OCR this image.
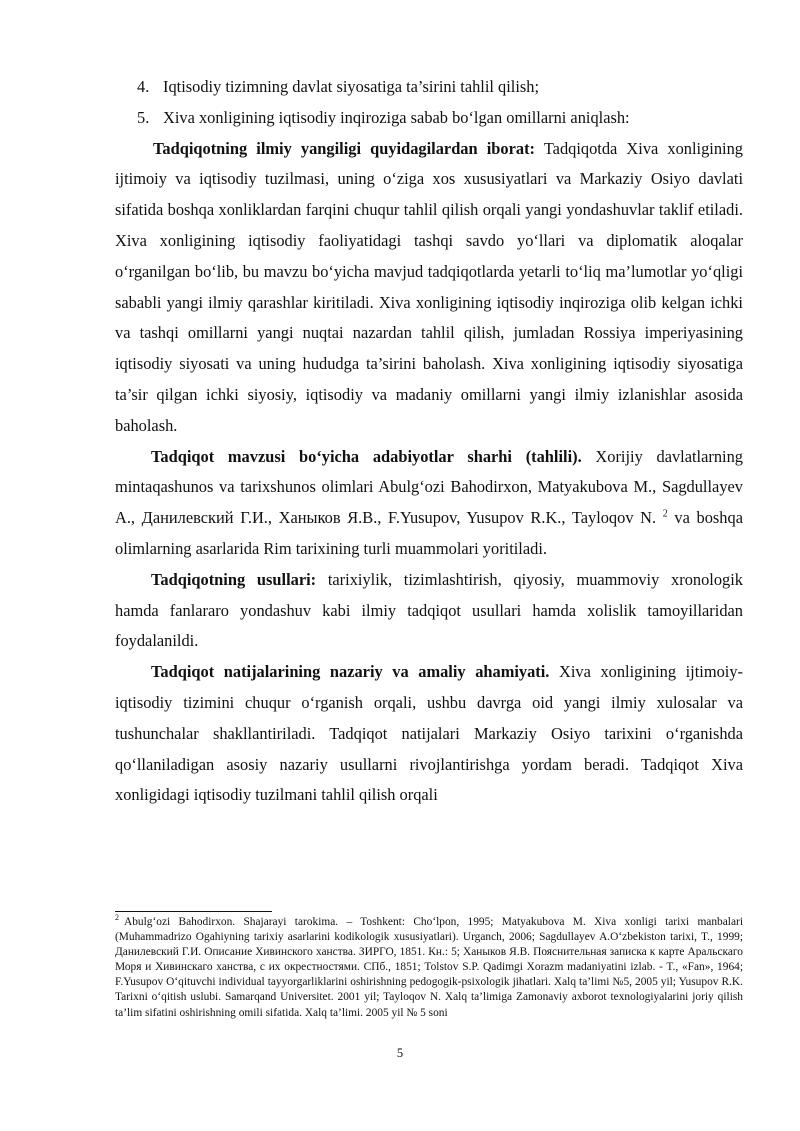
4. Iqtisodiy tizimning davlat siyosatiga ta’sirini tahlil qilish;

5. Xiva xonligining iqtisodiy inqiroziga sabab bo‘lgan omillarni aniqlash:

Tadqiqotning ilmiy yangiligi quyidagilardan iborat: Tadqiqotda Xiva xonligining ijtimoiy va iqtisodiy tuzilmasi, uning o‘ziga xos xususiyatlari va Markaziy Osiyo davlati sifatida boshqa xonliklardan farqini chuqur tahlil qilish orqali yangi yondashuvlar taklif etiladi. Xiva xonligining iqtisodiy faoliyatidagi tashqi savdo yo‘llari va diplomatik aloqalar o‘rganilgan bo‘lib, bu mavzu bo‘yicha mavjud tadqiqotlarda yetarli to‘liq ma’lumotlar yo‘qligi sababli yangi ilmiy qarashlar kiritiladi. Xiva xonligining iqtisodiy inqiroziga olib kelgan ichki va tashqi omillarni yangi nuqtai nazardan tahlil qilish, jumladan Rossiya imperiyasining iqtisodiy siyosati va uning hududga ta’sirini baholash. Xiva xonligining iqtisodiy siyosatiga ta’sir qilgan ichki siyosiy, iqtisodiy va madaniy omillarni yangi ilmiy izlanishlar asosida baholash.

Tadqiqot mavzusi bo‘yicha adabiyotlar sharhi (tahlili). Xorijiy davlatlarning mintaqashunos va tarixshunos olimlari Abulg‘ozi Bahodirxon, Matyakubova M., Sagdullayev A., Данилевский Г.И., Ханыков Я.В., F.Yusupov, Yusupov R.K., Tayloqov N. $^2$ va boshqa olimlarning asarlarida Rim tarixining turli muammolari yoritiladi.

Tadqiqotning usullari: tarixiylik, tizimlashtirish, qiyosiy, muammoviy xronologik hamda fanlararo yondashuv kabi ilmiy tadqiqot usullari hamda xolislik tamoyillaridan foydalanildi.

Tadqiqot natijalarining nazariy va amaliy ahamiyati. Xiva xonligining ijtimoiy-iqtisodiy tizimini chuqur o‘rganish orqali, ushbu davrga oid yangi ilmiy xulosalar va tushunchalar shakllantiriladi. Tadqiqot natijalari Markaziy Osiyo tarixini o‘rganishda qo‘llaniladigan asosiy nazariy usullarni rivojlantirishga yordam beradi. Tadqiqot Xiva xonligidagi iqtisodiy tuzilmani tahlil qilish orqali

$^2$ Abulg‘ozi Bahodirxon. Shajarayi tarokima. – Toshkent: Cho‘lpon, 1995; Matyakubova M. Xiva xonligi tarixi manbalari (Muhammadrizo Ogahiyning tarixiy asarlarini kodikologik xususiyatlari). Urganch, 2006; Sagdullayev A.O‘zbekiston tarixi, T., 1999; Данилевский Г.И. Описание Хивинского ханства. ЗИРГО, 1851. Кн.: 5; Ханыков Я.В. Пояснительная записка к карте Аральскаго Моря и Хивинскаго ханства, с их окрестностями. СПб., 1851; Tolstov S.P. Qadimgi Xorazm madaniyatini izlab. - T., «Fan», 1964; F.Yusupov O‘qituvchi individual tayyorgarliklarini oshirishning pedogogik-psixologik jihatlari. Xalq ta’limi №5, 2005 yil; Yusupov R.K. Tarixni o‘qitish uslubi. Samarqand Universitet. 2001 yil; Tayloqov N. Xalq ta’limiga Zamonaviy axborot texnologiyalarini joriy qilish ta’lim sifatini oshirishning omili sifatida. Xalq ta’limi. 2005 yil № 5 soni
5
